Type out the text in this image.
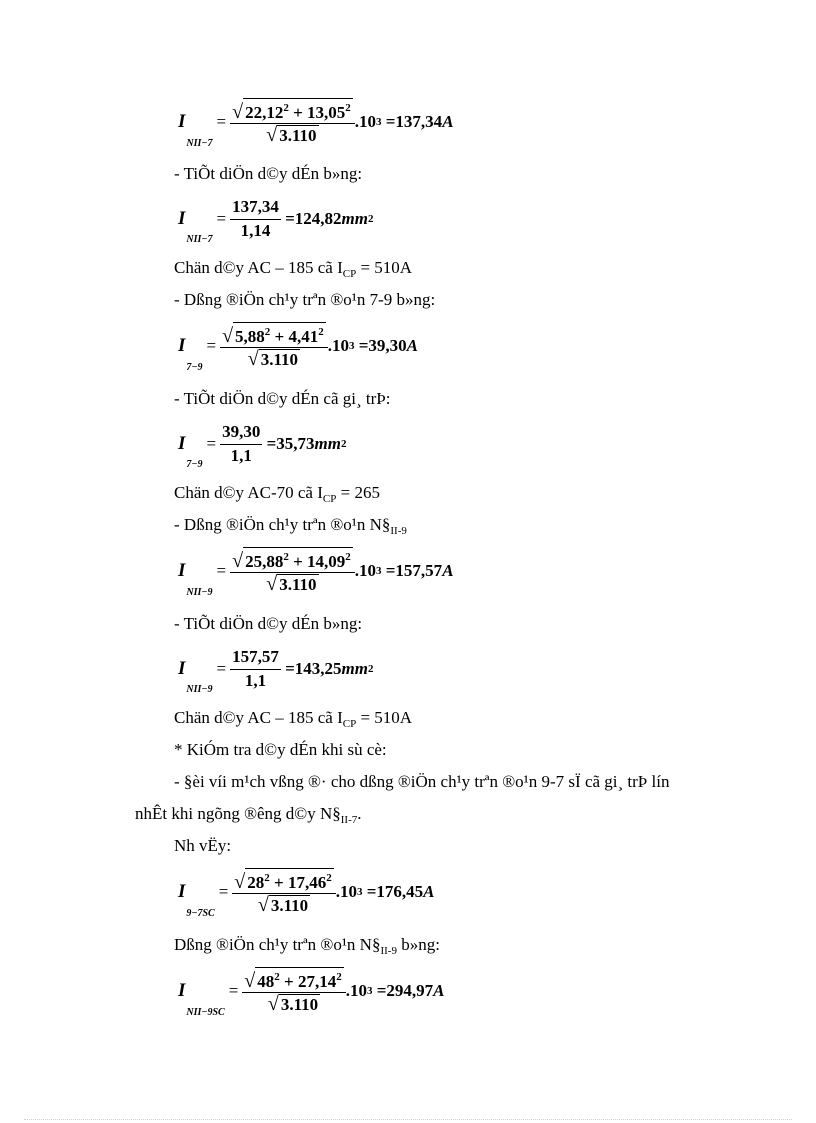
I
NII−7
= $\frac{√ 22,12^2 + 13,05^2}{√ 3.110} .10$ 3
=137,34 A
- TiÕt diÖn d©y dÉn b»ng:
I
NII−7
= $\frac{137,34}{1,14}$
=124,82 mm 2
Chän d©y AC – 185 cã $I_{CP} = 510A$
- Dßng ®iÖn ch¹y trªn ®o¹n 7-9 b»ng:
I
7−9
= $\frac{√ 5,88^2 + 4,41^2}{√ 3.110} .10$ 3
=39,30 A
- TiÕt diÖn d©y dÉn cã gi¸ trÞ:
I
7−9
= $\frac{39,30}{1,1}$
=35,73 mm 2
Chän d©y AC-70 cã $I_{CP} = 265$
- Dßng ®iÖn ch¹y trªn ®o¹n $N\S_{II-9}$
I
NII−9
= $\frac{√ 25,88^2 + 14,09^2}{√ 3.110} .10$ 3
=157,57 A
- TiÕt diÖn d©y dÉn b»ng:
I
NII−9
= $\frac{157,57}{1,1}$
=143,25 mm 2
Chän d©y AC – 185 cã $I_{CP} = 510A$
* KiÓm tra d©y dÉn khi sù cè:
- §èi víi m¹ch vßng ®· cho dßng ®iÖn ch¹y trªn ®o¹n 9-7 sÏ cã gi¸ trÞ lín
nhÊt khi ngõng ®êng d©y $N\S_{II-7}$.
Nh vËy:
I
9−7SC
= $\frac{√ 28^2 + 17,46^2}{√ 3.110} .10$ 3
=176,45 A
Dßng ®iÖn ch¹y trªn ®o¹n $N\S_{II-9}$ b»ng:
I
NII−9SC
= $\frac{√ 48^2 + 27,14^2}{√ 3.110} .10$ 3
=294,97 A
